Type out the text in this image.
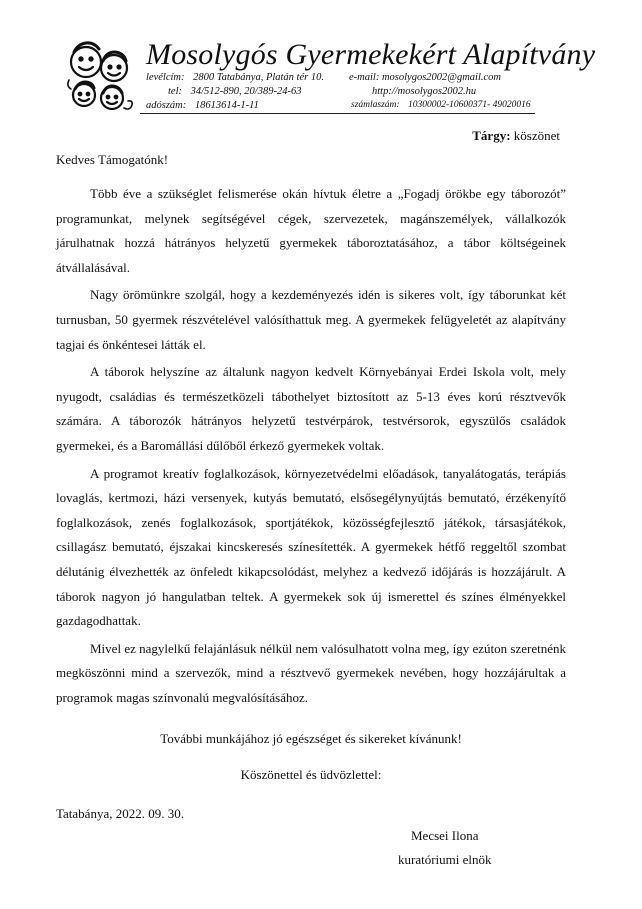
Mosolygós Gyermekekért Alapítvány
levélcím: 2800 Tatabánya, Platán tér 10. e-mail: mosolygos2002@gmail.com
tel: 34/512-890, 20/389-24-63	http://mosolygos2002.hu
adószám: 18613614-1-11	számlaszám: 10300002-10600371- 49020016
Tárgy: köszönet
Kedves Támogatónk!

Több éve a szükséglet felismerése okán hívtuk életre a „Fogadj örökbe egy táborozót” programunkat, melynek segítségével cégek, szervezetek, magánszemélyek, vállalkozók járulhatnak hozzá hátrányos helyzetű gyermekek táboroztatásához, a tábor költségeinek átvállalásával.

Nagy örömünkre szolgál, hogy a kezdeményezés idén is sikeres volt, így táborunkat két turnusban, 50 gyermek részvételével valósíthattuk meg. A gyermekek felügyeletét az alapítvány tagjai és önkéntesei látták el.

A táborok helyszíne az általunk nagyon kedvelt Környebányai Erdei Iskola volt, mely nyugodt, családias és természetközeli tábothelyet biztosított az 5-13 éves korú résztvevők számára. A táborozók hátrányos helyzetű testvérpárok, testvérsorok, egyszülős családok gyermekei, és a Baromállási dűlőből érkező gyermekek voltak.

A programot kreatív foglalkozások, környezetvédelmi előadások, tanyalátogatás, terápiás lovaglás, kertmozi, házi versenyek, kutyás bemutató, elsősegélynyújtás bemutató, érzékenyítő foglalkozások, zenés foglalkozások, sportjátékok, közösségfejlesztő játékok, társasjátékok, csillagász bemutató, éjszakai kincskeresés színesítették. A gyermekek hétfő reggeltől szombat délutánig élvezhették az önfeledt kikapcsolódást, melyhez a kedvező időjárás is hozzájárult. A táborok nagyon jó hangulatban teltek. A gyermekek sok új ismerettel és színes élményekkel gazdagodhattak.

Mivel ez nagylelkű felajánlásuk nélkül nem valósulhatott volna meg, így ezúton szeretnénk megköszönni mind a szervezők, mind a résztvevő gyermekek nevében, hogy hozzájárultak a programok magas színvonalú megvalósításához.

További munkájához jó egészséget és sikereket kívánunk!
Köszönettel és üdvözlettel:
Tatabánya, 2022. 09. 30.
Mecsei Ilona
kuratóriumi elnök
